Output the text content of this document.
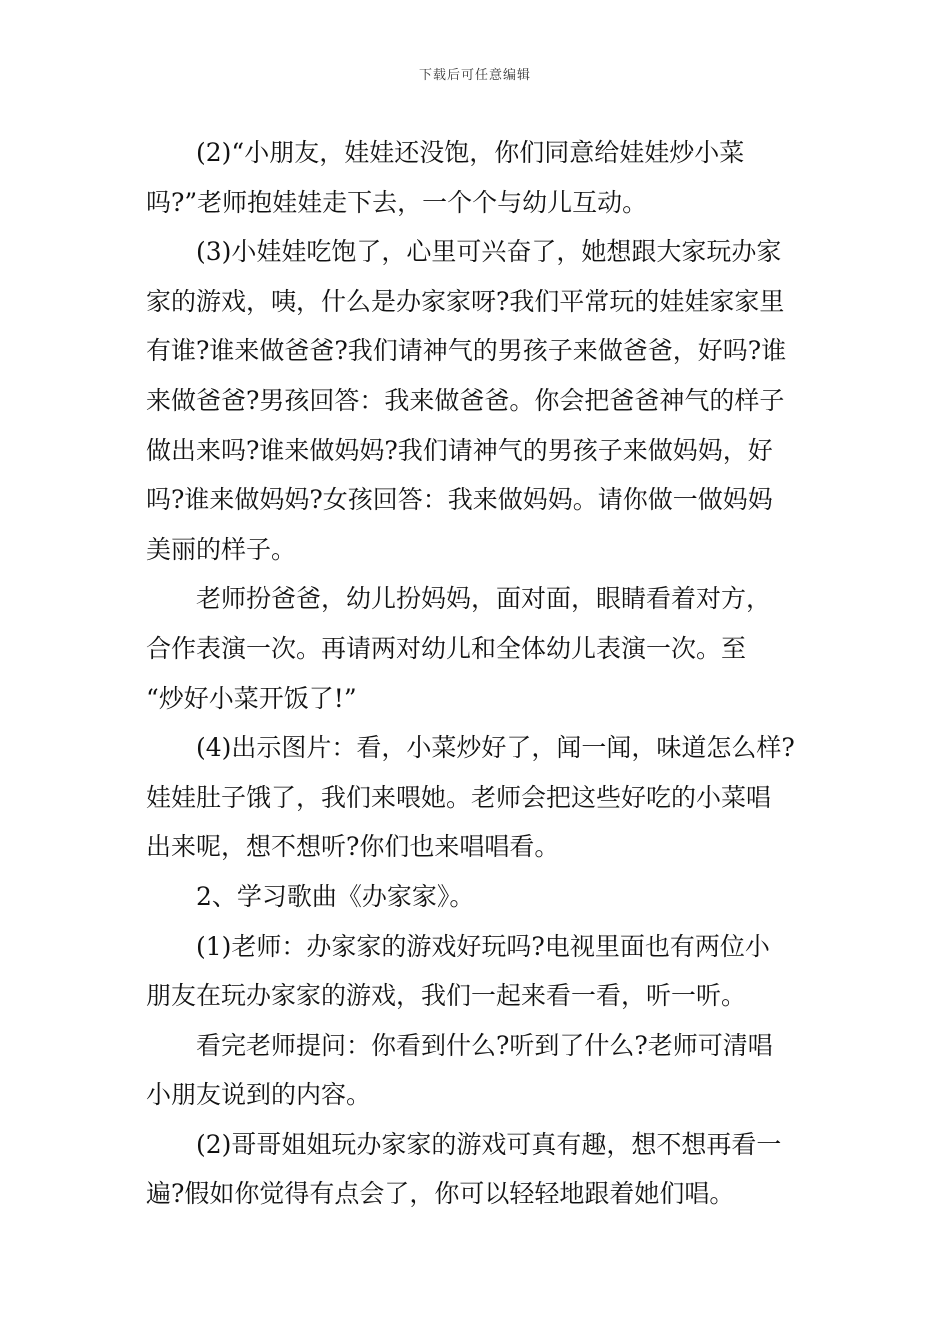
下载后可任意编辑

(2)“小朋友，娃娃还没饱，你们同意给娃娃炒小菜
吗?”老师抱娃娃走下去，一个个与幼儿互动。

(3)小娃娃吃饱了，心里可兴奋了，她想跟大家玩办家
家的游戏，咦，什么是办家家呀?我们平常玩的娃娃家家里
有谁?谁来做爸爸?我们请神气的男孩子来做爸爸，好吗?谁
来做爸爸?男孩回答：我来做爸爸。你会把爸爸神气的样子
做出来吗?谁来做妈妈?我们请神气的男孩子来做妈妈，好
吗?谁来做妈妈?女孩回答：我来做妈妈。请你做一做妈妈
美丽的样子。

老师扮爸爸，幼儿扮妈妈，面对面，眼睛看着对方，
合作表演一次。再请两对幼儿和全体幼儿表演一次。至
“炒好小菜开饭了!”

(4)出示图片：看，小菜炒好了，闻一闻，味道怎么样?
娃娃肚子饿了，我们来喂她。老师会把这些好吃的小菜唱
出来呢，想不想听?你们也来唱唱看。

2、学习歌曲《办家家》。

(1)老师：办家家的游戏好玩吗?电视里面也有两位小
朋友在玩办家家的游戏，我们一起来看一看，听一听。

看完老师提问：你看到什么?听到了什么?老师可清唱
小朋友说到的内容。

(2)哥哥姐姐玩办家家的游戏可真有趣，想不想再看一
遍?假如你觉得有点会了，你可以轻轻地跟着她们唱。
